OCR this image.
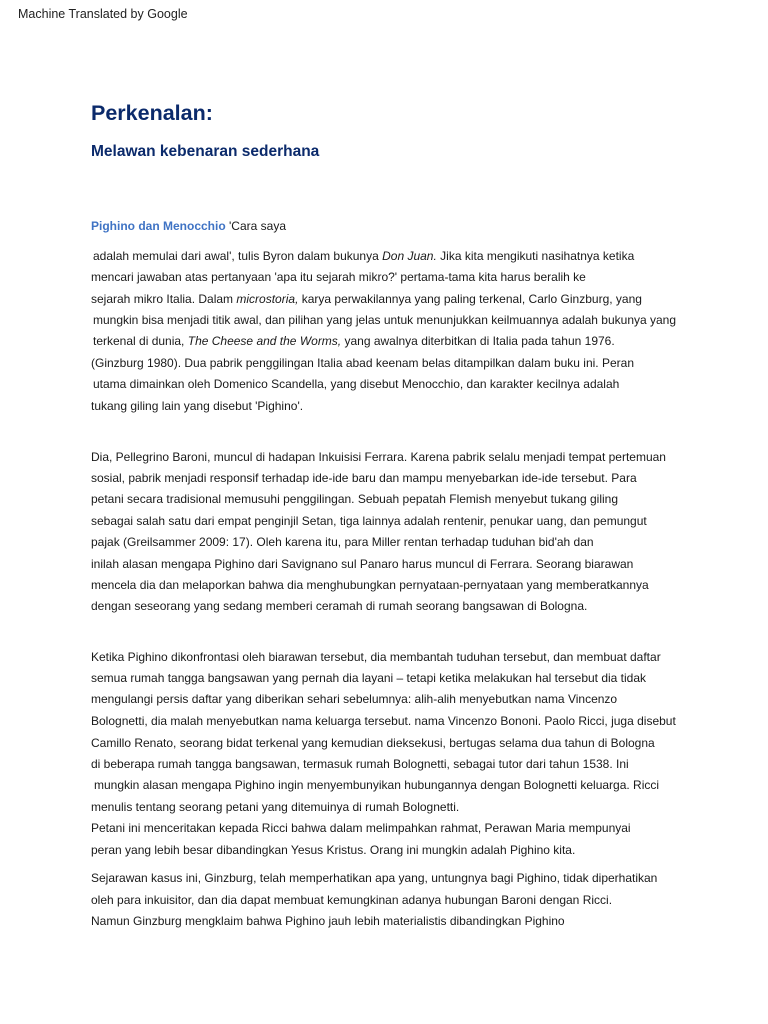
Machine Translated by Google
Perkenalan:
Melawan kebenaran sederhana
Pighino dan Menocchio 'Cara saya
adalah memulai dari awal', tulis Byron dalam bukunya Don Juan. Jika kita mengikuti nasihatnya ketika
mencari jawaban atas pertanyaan 'apa itu sejarah mikro?' pertama-tama kita harus beralih ke
sejarah mikro Italia. Dalam microstoria, karya perwakilannya yang paling terkenal, Carlo Ginzburg, yang
mungkin bisa menjadi titik awal, dan pilihan yang jelas untuk menunjukkan keilmuannya adalah bukunya yang
terkenal di dunia, The Cheese and the Worms, yang awalnya diterbitkan di Italia pada tahun 1976.
(Ginzburg 1980). Dua pabrik penggilingan Italia abad keenam belas ditampilkan dalam buku ini. Peran
utama dimainkan oleh Domenico Scandella, yang disebut Menocchio, dan karakter kecilnya adalah
tukang giling lain yang disebut 'Pighino'.
Dia, Pellegrino Baroni, muncul di hadapan Inkuisisi Ferrara. Karena pabrik selalu menjadi tempat pertemuan
sosial, pabrik menjadi responsif terhadap ide-ide baru dan mampu menyebarkan ide-ide tersebut. Para
petani secara tradisional memusuhi penggilingan. Sebuah pepatah Flemish menyebut tukang giling
sebagai salah satu dari empat penginjil Setan, tiga lainnya adalah rentenir, penukar uang, dan pemungut
pajak (Greilsammer 2009: 17). Oleh karena itu, para Miller rentan terhadap tuduhan bid'ah dan
inilah alasan mengapa Pighino dari Savignano sul Panaro harus muncul di Ferrara. Seorang biarawan
mencela dia dan melaporkan bahwa dia menghubungkan pernyataan-pernyataan yang memberatkannya
dengan seseorang yang sedang memberi ceramah di rumah seorang bangsawan di Bologna.
Ketika Pighino dikonfrontasi oleh biarawan tersebut, dia membantah tuduhan tersebut, dan membuat daftar
semua rumah tangga bangsawan yang pernah dia layani – tetapi ketika melakukan hal tersebut dia tidak
mengulangi persis daftar yang diberikan sehari sebelumnya: alih-alih menyebutkan nama Vincenzo
Bolognetti, dia malah menyebutkan nama keluarga tersebut. nama Vincenzo Bononi. Paolo Ricci, juga disebut
Camillo Renato, seorang bidat terkenal yang kemudian dieksekusi, bertugas selama dua tahun di Bologna
di beberapa rumah tangga bangsawan, termasuk rumah Bolognetti, sebagai tutor dari tahun 1538. Ini
mungkin alasan mengapa Pighino ingin menyembunyikan hubungannya dengan Bolognetti keluarga. Ricci
menulis tentang seorang petani yang ditemuinya di rumah Bolognetti.
Petani ini menceritakan kepada Ricci bahwa dalam melimpahkan rahmat, Perawan Maria mempunyai
peran yang lebih besar dibandingkan Yesus Kristus. Orang ini mungkin adalah Pighino kita.
Sejarawan kasus ini, Ginzburg, telah memperhatikan apa yang, untungnya bagi Pighino, tidak diperhatikan
oleh para inkuisitor, dan dia dapat membuat kemungkinan adanya hubungan Baroni dengan Ricci.
Namun Ginzburg mengklaim bahwa Pighino jauh lebih materialistis dibandingkan Pighino
